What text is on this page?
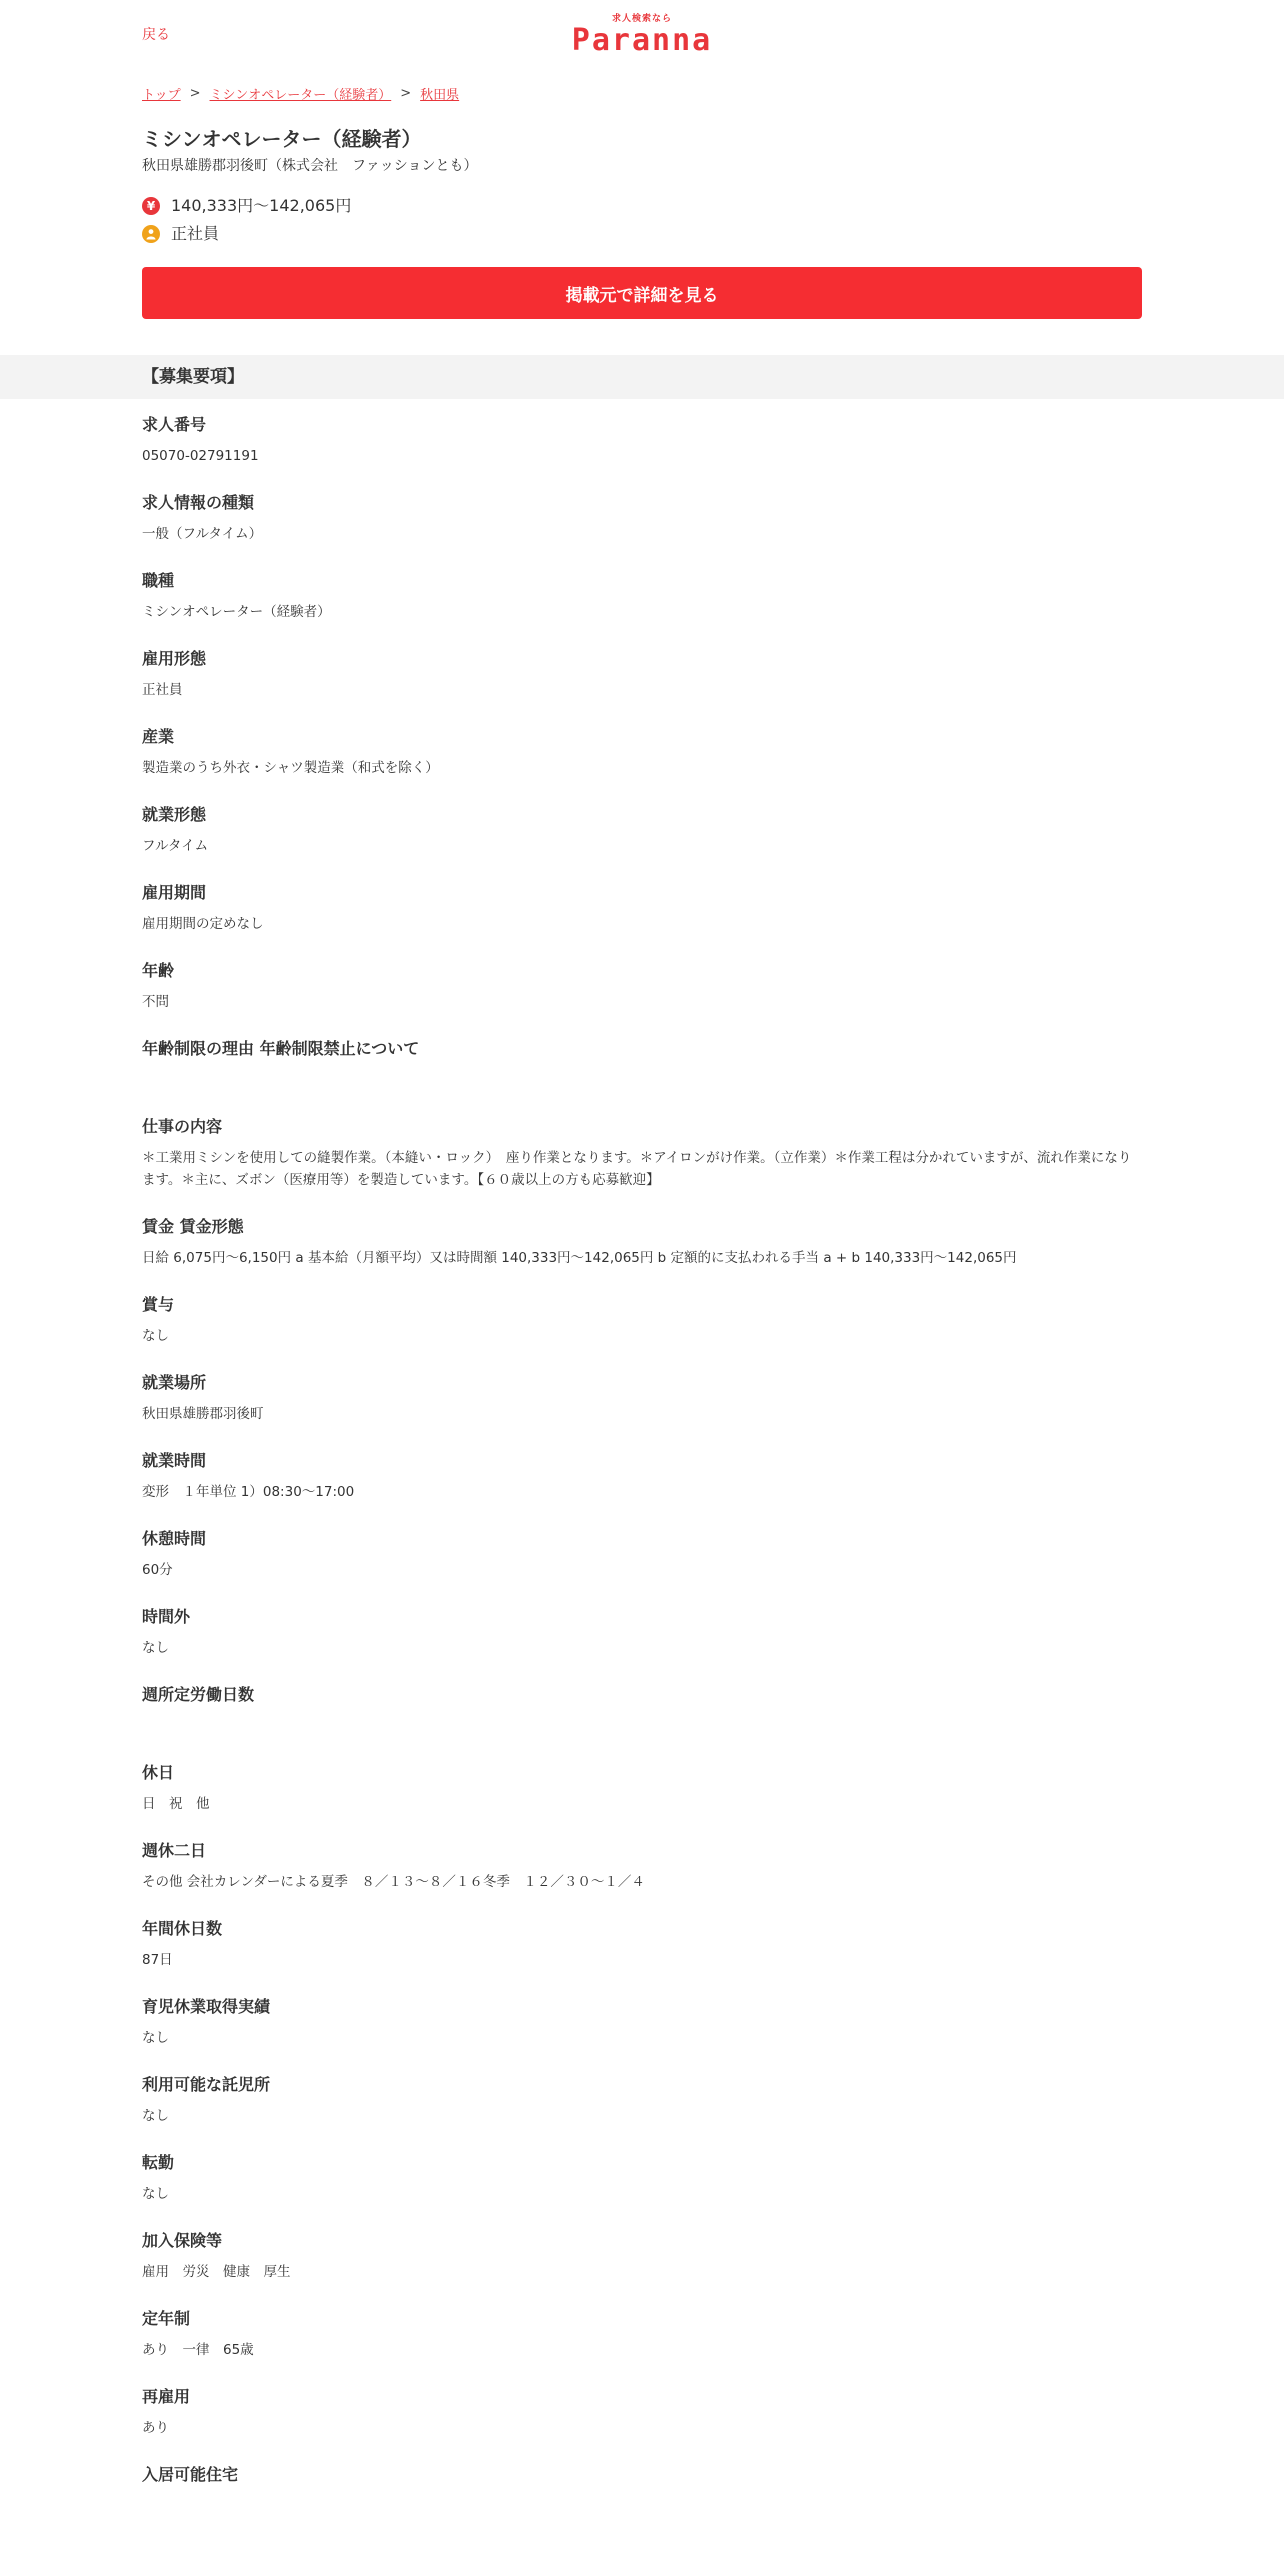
戻る
求人検索なら
Paranna
トップ > ミシンオペレーター（経験者） > 秋田県
ミシンオペレーター（経験者）
秋田県雄勝郡羽後町（株式会社　ファッションとも）
¥ 140,333円～142,065円
正社員
掲載元で詳細を見る
【募集要項】
求人番号
05070-02791191
求人情報の種類
一般（フルタイム）
職種
ミシンオペレーター（経験者）
雇用形態
正社員
産業
製造業のうち外衣・シャツ製造業（和式を除く）
就業形態
フルタイム
雇用期間
雇用期間の定めなし
年齢
不問
年齢制限の理由 年齢制限禁止について
仕事の内容
＊工業用ミシンを使用しての縫製作業。（本縫い・ロック）　座り作業となります。＊アイロンがけ作業。（立作業）＊作業工程は分かれていますが、流れ作業になります。＊主に、ズボン（医療用等）を製造しています。【６０歳以上の方も応募歓迎】
賃金 賃金形態
日給 6,075円～6,150円 a 基本給（月額平均）又は時間額 140,333円～142,065円 b 定額的に支払われる手当 a + b 140,333円～142,065円
賞与
なし
就業場所
秋田県雄勝郡羽後町
就業時間
変形　１年単位 1）08:30～17:00
休憩時間
60分
時間外
なし
週所定労働日数
休日
日　祝　他
週休二日
その他 会社カレンダーによる夏季　８／１３～８／１６冬季　１２／３０～１／４
年間休日数
87日
育児休業取得実績
なし
利用可能な託児所
なし
転勤
なし
加入保険等
雇用　労災　健康　厚生
定年制
あり　一律　65歳
再雇用
あり
入居可能住宅
